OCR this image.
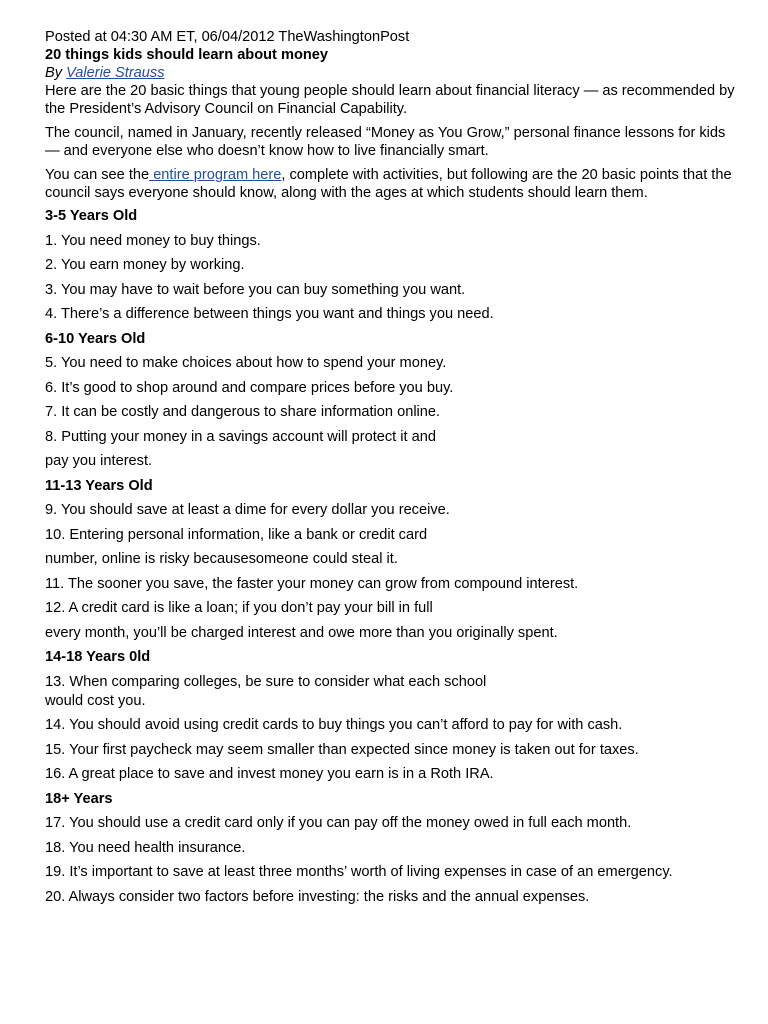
Posted at 04:30 AM ET, 06/04/2012 TheWashingtonPost

20 things kids should learn about money

By Valerie Strauss

Here are the 20 basic things that young people should learn about financial literacy — as recommended by the President’s Advisory Council on Financial Capability.

The council, named in January, recently released “Money as You Grow,” personal finance lessons for kids — and everyone else who doesn’t know how to live financially smart.

You can see the entire program here, complete with activities, but following are the 20 basic points that the council says everyone should know, along with the ages at which students should learn them.

3-5 Years Old

1. You need money to buy things.

2. You earn money by working.

3. You may have to wait before you can buy something you want.

4. There’s a difference between things you want and things you need.

6-10 Years Old

5. You need to make choices about how to spend your money.

6. It’s good to shop around and compare prices before you buy.

7. It can be costly and dangerous to share information online.

8. Putting your money in a savings account will protect it and

pay you interest.

11-13 Years Old

9. You should save at least a dime for every dollar you receive.

10. Entering personal information, like a bank or credit card

number, online is risky becausesomeone could steal it.

11. The sooner you save, the faster your money can grow from compound interest.

12. A credit card is like a loan; if you don’t pay your bill in full

every month, you’ll be charged interest and owe more than you originally spent.

14-18 Years 0ld

13. When comparing colleges, be sure to consider what each school

would cost you.

14. You should avoid using credit cards to buy things you can’t afford to pay for with cash.

15. Your first paycheck may seem smaller than expected since money is taken out for taxes.

16. A great place to save and invest money you earn is in a Roth IRA.

18+ Years

17. You should use a credit card only if you can pay off the money owed in full each month.

18. You need health insurance.

19. It’s important to save at least three months’ worth of living expenses in case of an emergency.

20. Always consider two factors before investing: the risks and the annual expenses.
